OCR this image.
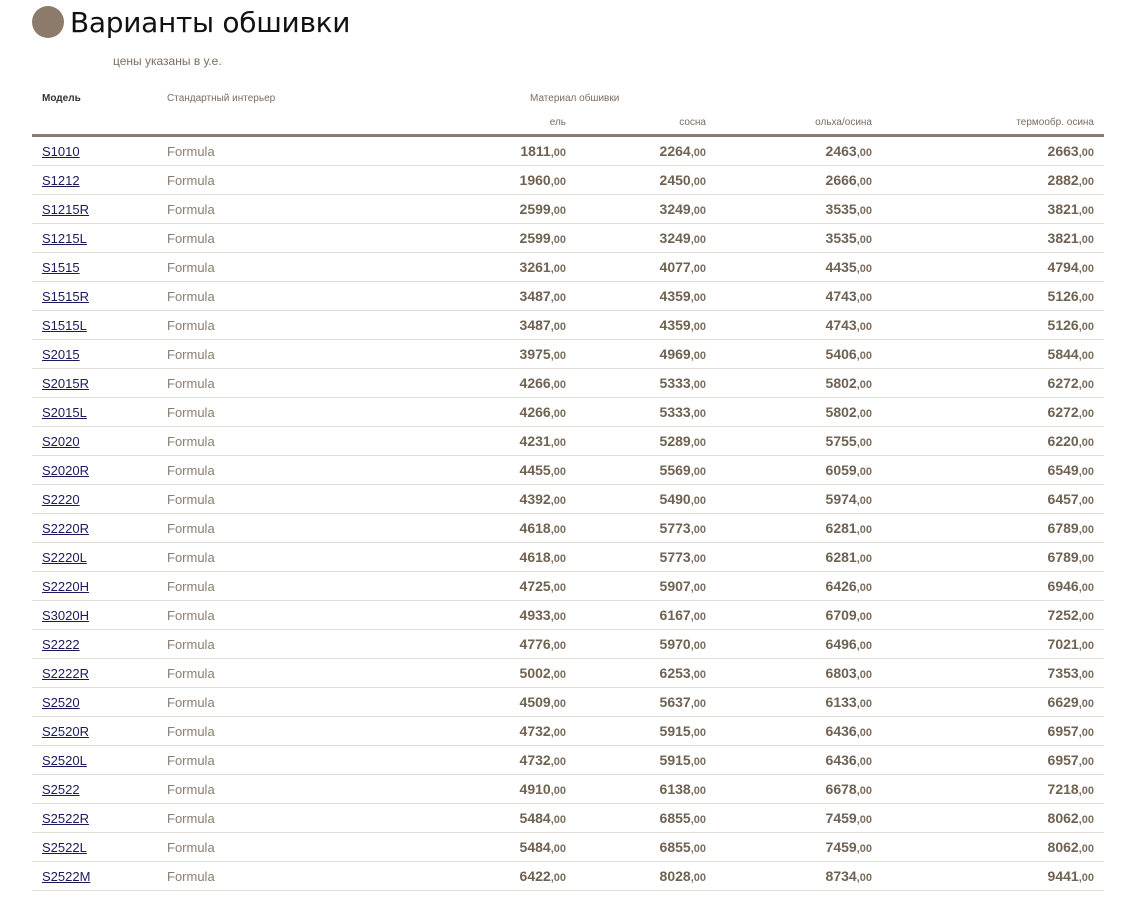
Варианты обшивки
цены указаны в у.е.
Модель	Стандартный интерьер	Материал обшивки			
		ель	сосна	ольха/осина	термообр. осина
S1010	Formula	1811,00	2264,00	2463,00	2663,00
S1212	Formula	1960,00	2450,00	2666,00	2882,00
S1215R	Formula	2599,00	3249,00	3535,00	3821,00
S1215L	Formula	2599,00	3249,00	3535,00	3821,00
S1515	Formula	3261,00	4077,00	4435,00	4794,00
S1515R	Formula	3487,00	4359,00	4743,00	5126,00
S1515L	Formula	3487,00	4359,00	4743,00	5126,00
S2015	Formula	3975,00	4969,00	5406,00	5844,00
S2015R	Formula	4266,00	5333,00	5802,00	6272,00
S2015L	Formula	4266,00	5333,00	5802,00	6272,00
S2020	Formula	4231,00	5289,00	5755,00	6220,00
S2020R	Formula	4455,00	5569,00	6059,00	6549,00
S2220	Formula	4392,00	5490,00	5974,00	6457,00
S2220R	Formula	4618,00	5773,00	6281,00	6789,00
S2220L	Formula	4618,00	5773,00	6281,00	6789,00
S2220H	Formula	4725,00	5907,00	6426,00	6946,00
S3020H	Formula	4933,00	6167,00	6709,00	7252,00
S2222	Formula	4776,00	5970,00	6496,00	7021,00
S2222R	Formula	5002,00	6253,00	6803,00	7353,00
S2520	Formula	4509,00	5637,00	6133,00	6629,00
S2520R	Formula	4732,00	5915,00	6436,00	6957,00
S2520L	Formula	4732,00	5915,00	6436,00	6957,00
S2522	Formula	4910,00	6138,00	6678,00	7218,00
S2522R	Formula	5484,00	6855,00	7459,00	8062,00
S2522L	Formula	5484,00	6855,00	7459,00	8062,00
S2522M	Formula	6422,00	8028,00	8734,00	9441,00
